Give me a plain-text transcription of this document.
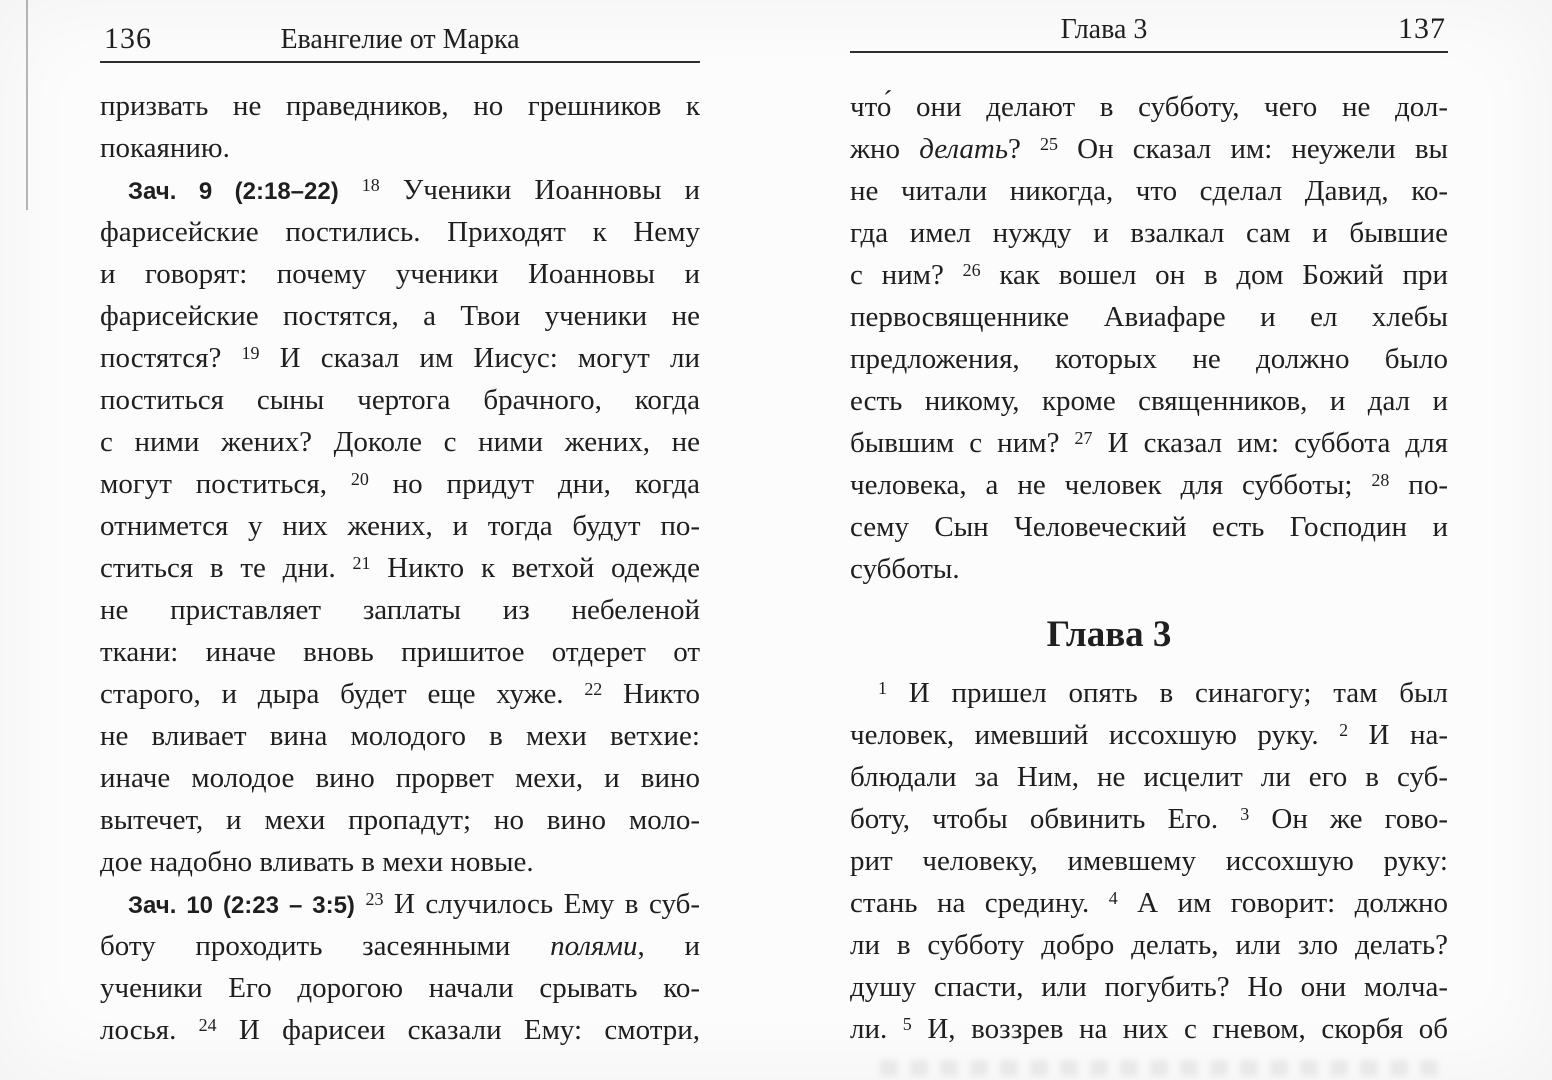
136	Евангелие от Марка
призвать не праведников, но грешников к
покаянию.
Зач. 9 (2:18–22) $^{18}$ Ученики Иоанновы и
фарисейские постились. Приходят к Нему
и говорят: почему ученики Иоанновы и
фарисейские постятся, а Твои ученики не
постятся? $^{19}$ И сказал им Иисус: могут ли
поститься сыны чертога брачного, когда
с ними жених? Доколе с ними жених, не
могут поститься, $^{20}$ но придут дни, когда
отнимется у них жених, и тогда будут по-
ститься в те дни. $^{21}$ Никто к ветхой одежде
не приставляет заплаты из небеленой
ткани: иначе вновь пришитое отдерет от
старого, и дыра будет еще хуже. $^{22}$ Никто
не вливает вина молодого в мехи ветхие:
иначе молодое вино прорвет мехи, и вино
вытечет, и мехи пропадут; но вино моло-
дое надобно вливать в мехи новые.
Зач. 10 (2:23 – 3:5) $^{23}$ И случилось Ему в суб-
боту проходить засеянными полями, и
ученики Его дорогою начали срывать ко-
лосья. $^{24}$ И фарисеи сказали Ему: смотри,
Глава 3	137
что́ они делают в субботу, чего не дол-
жно делать? $^{25}$ Он сказал им: неужели вы
не читали никогда, что сделал Давид, ко-
гда имел нужду и взалкал сам и бывшие
с ним? $^{26}$ как вошел он в дом Божий при
первосвященнике Авиафаре и ел хлебы
предложения, которых не должно было
есть никому, кроме священников, и дал и
бывшим с ним? $^{27}$ И сказал им: суббота для
человека, а не человек для субботы; $^{28}$ по-
сему Сын Человеческий есть Господин и
субботы.
Глава 3
$^1$ И пришел опять в синагогу; там был
человек, имевший иссохшую руку. $^2$ И на-
блюдали за Ним, не исцелит ли его в суб-
боту, чтобы обвинить Его. $^3$ Он же гово-
рит человеку, имевшему иссохшую руку:
стань на средину. $^4$ А им говорит: должно
ли в субботу добро делать, или зло делать?
душу спасти, или погубить? Но они молча-
ли. $^5$ И, воззрев на них с гневом, скорбя об
